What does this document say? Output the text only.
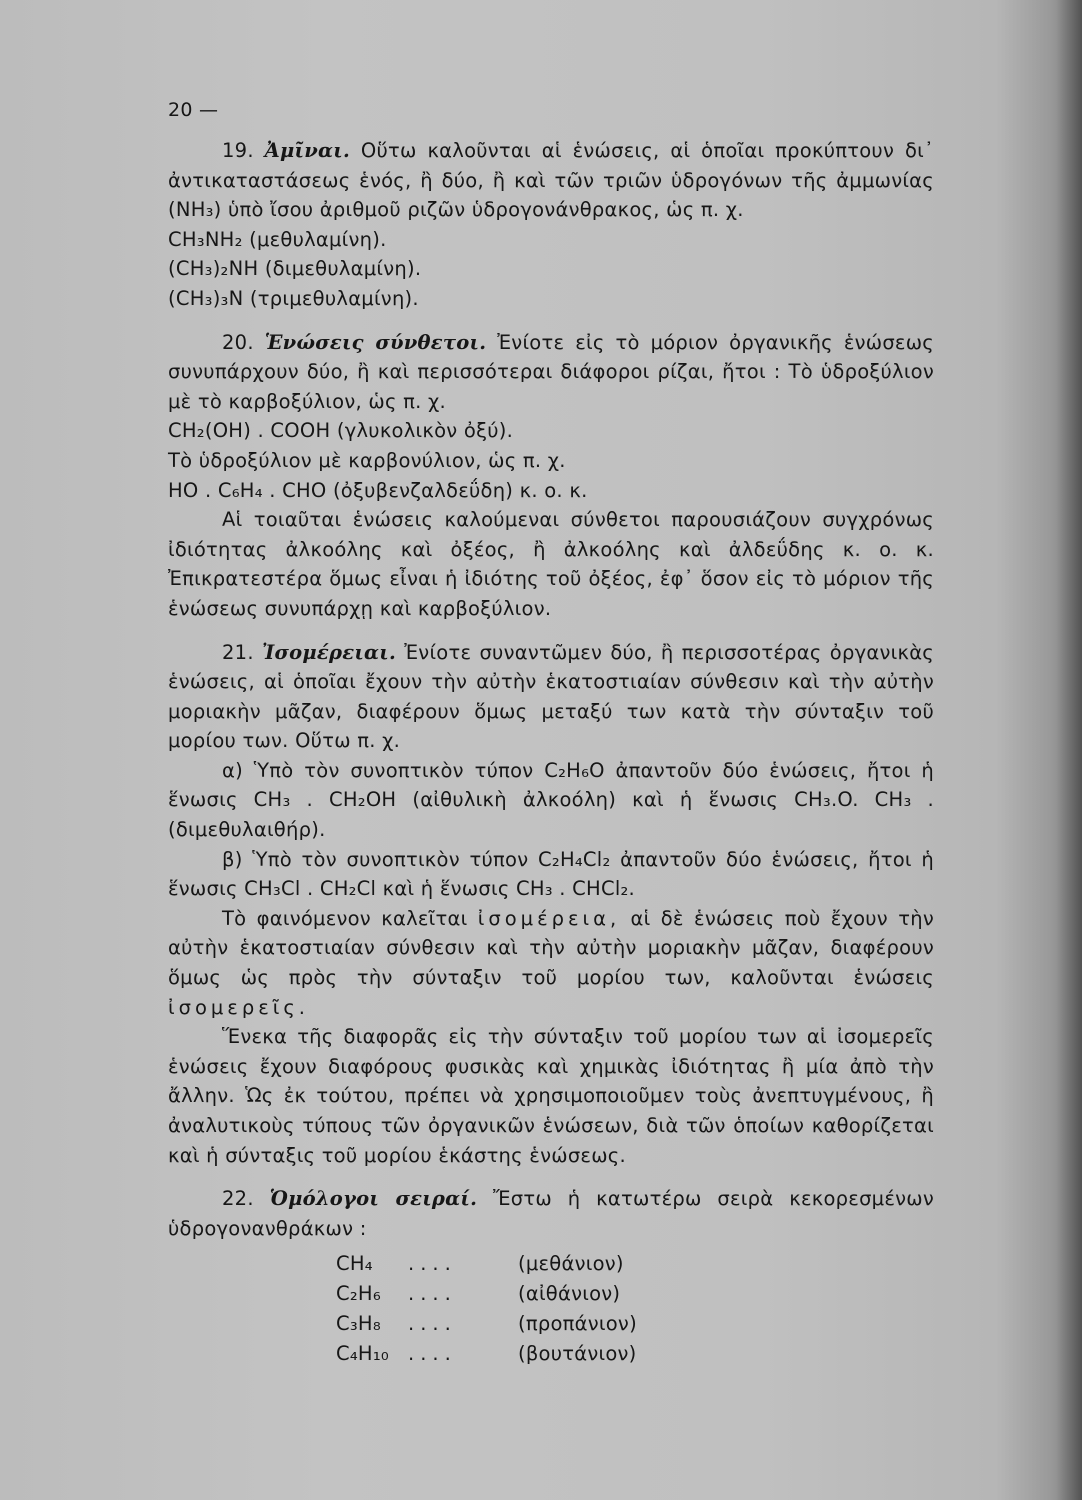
20 —

19. Ἀμῖναι. Οὕτω καλοῦνται αἱ ἑνώσεις, αἱ ὁποῖαι προκύπτουν δι᾽ ἀντικαταστάσεως ἑνός, ἢ δύο, ἢ καὶ τῶν τριῶν ὑδρογόνων τῆς ἀμμωνίας (NH₃) ὑπὸ ἴσου ἀριθμοῦ ριζῶν ὑδρογονάνθρακος, ὡς π. χ.

CH₃NH₂ (μεθυλαμίνη).

(CH₃)₂NH (διμεθυλαμίνη).

(CH₃)₃N (τριμεθυλαμίνη).

20. Ἑνώσεις σύνθετοι. Ἐνίοτε εἰς τὸ μόριον ὀργανικῆς ἑνώσεως συνυπάρχουν δύο, ἢ καὶ περισσότεραι διάφοροι ρίζαι, ἤτοι : Τὸ ὑδροξύλιον μὲ τὸ καρβοξύλιον, ὡς π. χ.

CH₂(OH) . COOH (γλυκολικὸν ὀξύ).

Τὸ ὑδροξύλιον μὲ καρβονύλιον, ὡς π. χ.

HO . C₆H₄ . CHO (ὀξυβενζαλδεΰδη) κ. ο. κ.

Αἱ τοιαῦται ἑνώσεις καλούμεναι σύνθετοι παρουσιάζουν συγχρόνως ἰδιότητας ἀλκοόλης καὶ ὀξέος, ἢ ἀλκοόλης καὶ ἀλδεΰδης κ. ο. κ. Ἐπικρατεστέρα ὅμως εἶναι ἡ ἰδιότης τοῦ ὀξέος, ἐφ᾽ ὅσον εἰς τὸ μόριον τῆς ἑνώσεως συνυπάρχῃ καὶ καρβοξύλιον.

21. Ἰσομέρειαι. Ἐνίοτε συναντῶμεν δύο, ἢ περισσοτέρας ὀργανικὰς ἑνώσεις, αἱ ὁποῖαι ἔχουν τὴν αὐτὴν ἑκατοστιαίαν σύνθεσιν καὶ τὴν αὐτὴν μοριακὴν μᾶζαν, διαφέρουν ὅμως μεταξύ των κατὰ τὴν σύνταξιν τοῦ μορίου των. Οὕτω π. χ.

α) Ὑπὸ τὸν συνοπτικὸν τύπον C₂H₆O ἀπαντοῦν δύο ἑνώσεις, ἤτοι ἡ ἕνωσις CH₃ . CH₂OH (αἰθυλικὴ ἀλκοόλη) καὶ ἡ ἕνωσις CH₃.O. CH₃ . (διμεθυλαιθήρ).

β) Ὑπὸ τὸν συνοπτικὸν τύπον C₂H₄Cl₂ ἀπαντοῦν δύο ἑνώσεις, ἤτοι ἡ ἕνωσις CH₃Cl . CH₂Cl καὶ ἡ ἕνωσις CH₃ . CHCl₂.

Τὸ φαινόμενον καλεῖται ἰσομέρεια, αἱ δὲ ἑνώσεις ποὺ ἔχουν τὴν αὐτὴν ἑκατοστιαίαν σύνθεσιν καὶ τὴν αὐτὴν μοριακὴν μᾶζαν, διαφέρουν ὅμως ὡς πρὸς τὴν σύνταξιν τοῦ μορίου των, καλοῦνται ἑνώσεις ἰσομερεῖς.

Ἕνεκα τῆς διαφορᾶς εἰς τὴν σύνταξιν τοῦ μορίου των αἱ ἰσομερεῖς ἑνώσεις ἔχουν διαφόρους φυσικὰς καὶ χημικὰς ἰδιότητας ἢ μία ἀπὸ τὴν ἄλλην. Ὡς ἐκ τούτου, πρέπει νὰ χρησιμοποιοῦμεν τοὺς ἀνεπτυγμένους, ἢ ἀναλυτικοὺς τύπους τῶν ὀργανικῶν ἑνώσεων, διὰ τῶν ὁποίων καθορίζεται καὶ ἡ σύνταξις τοῦ μορίου ἑκάστης ἑνώσεως.

22. Ὁμόλογοι σειραί. Ἔστω ἡ κατωτέρω σειρὰ κεκορεσμένων ὑδρογονανθράκων :

CH₄	....	(μεθάνιον)
C₂H₆	....	(αἰθάνιον)
C₃H₈	....	(προπάνιον)
C₄H₁₀ ....	(βουτάνιον)
